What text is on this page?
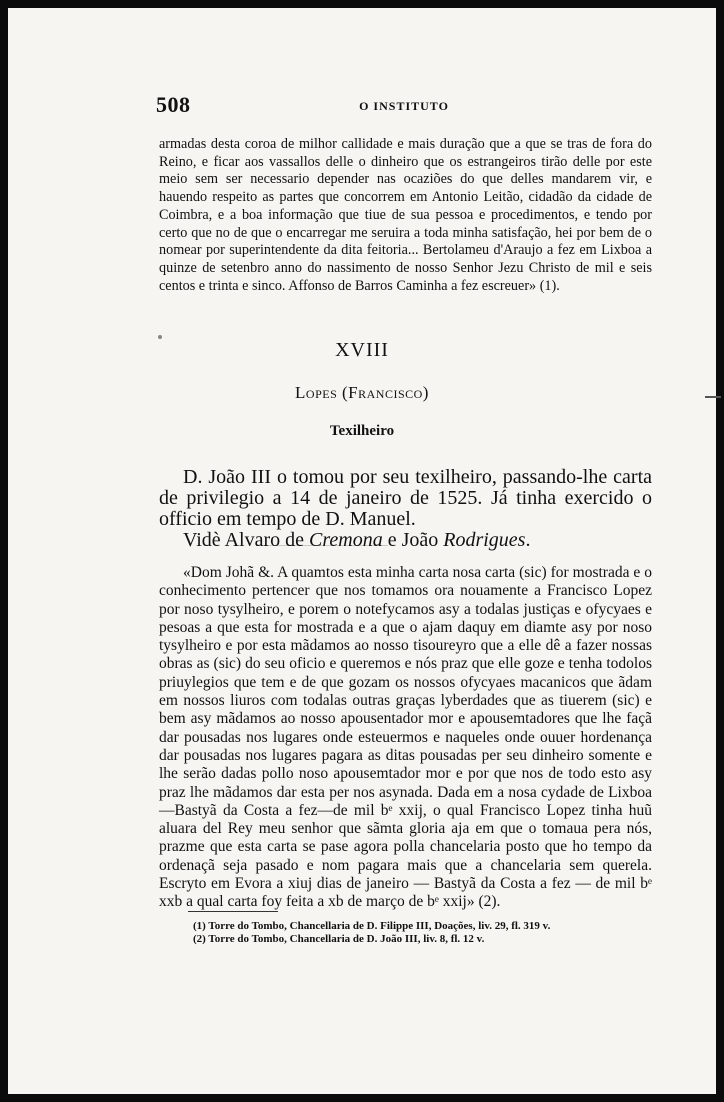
508	O INSTITUTO
armadas desta coroa de milhor callidade e mais duração que a que se tras de fora do Reino, e ficar aos vassallos delle o dinheiro que os estrangeiros tirão delle por este meio sem ser necessario depender nas ocaziões do que delles mandarem vir, e hauendo respeito as partes que concorrem em Antonio Leitão, cidadão da cidade de Coimbra, e a boa informação que tiue de sua pessoa e procedimentos, e tendo por certo que no de que o encarregar me seruira a toda minha satisfação, hei por bem de o nomear por superintendente da dita feitoria... Bertolameu d'Araujo a fez em Lixboa a quinze de setenbro anno do nassimento de nosso Senhor Jezu Christo de mil e seis centos e trinta e sinco. Affonso de Barros Caminha a fez escreuer» (1).
XVIII
Lopes (Francisco)
Texilheiro

D. João III o tomou por seu texilheiro, passando-lhe carta de privilegio a 14 de janeiro de 1525. Já tinha exercido o officio em tempo de D. Manuel.

Vidè Alvaro de Cremona e João Rodrigues.

«Dom Johã &. A quamtos esta minha carta nosa carta (sic) for mostrada e o conhecimento pertencer que nos tomamos ora nouamente a Francisco Lopez por noso tysylheiro, e porem o notefycamos asy a todalas justiças e ofycyaes e pesoas a que esta for mostrada e a que o ajam daquy em diamte asy por noso tysylheiro e por esta mãdamos ao nosso tisoureyro que a elle dê a fazer nossas obras as (sic) do seu oficio e queremos e nós praz que elle goze e tenha todolos priuylegios que tem e de que gozam os nossos ofycyaes macanicos que ãdam em nossos liuros com todalas outras graças lyberdades que as tiuerem (sic) e bem asy mãdamos ao nosso apousentador mor e apousemtadores que lhe façã dar pousadas nos lugares onde esteuermos e naqueles onde ouuer hordenança dar pousadas nos lugares pagara as ditas pousadas per seu dinheiro somente e lhe serão dadas pollo noso apousemtador mor e por que nos de todo esto asy praz lhe mãdamos dar esta per nos asynada. Dada em a nosa cydade de Lixboa—Bastyã da Costa a fez—de mil bᵉ xxij, o qual Francisco Lopez tinha huũ aluara del Rey meu senhor que sãmta gloria aja em que o tomaua pera nós, prazme que esta carta se pase agora polla chancelaria posto que ho tempo da ordenaçã seja pasado e nom pagara mais que a chancelaria sem querela. Escryto em Evora a xiuj dias de janeiro — Bastyã da Costa a fez — de mil bᵉ xxb a qual carta foy feita a xb de março de bᵉ xxij» (2).

(1) Torre do Tombo, Chancellaria de D. Filippe III, Doações, liv. 29, fl. 319 v.
(2) Torre do Tombo, Chancellaria de D. João III, liv. 8, fl. 12 v.
